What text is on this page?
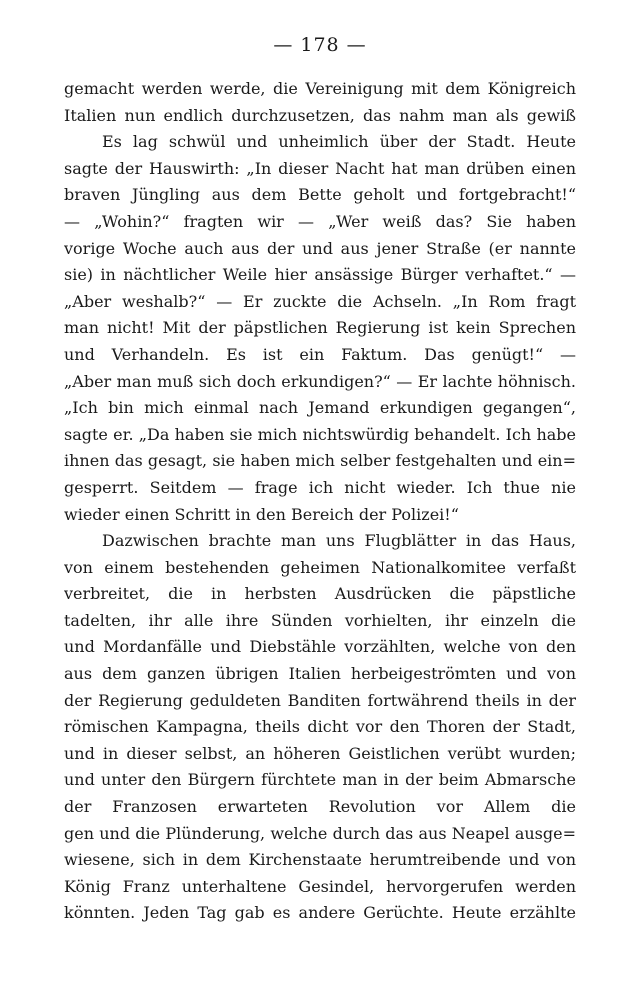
— 178 —
gemacht werden werde, die Vereinigung mit dem Königreich
Italien nun endlich durchzusetzen, das nahm man als gewiß
Es lag schwül und unheimlich über der Stadt. Heute
sagte der Hauswirth: „In dieser Nacht hat man drüben einen
braven Jüngling aus dem Bette geholt und fortgebracht!“
— „Wohin?“ fragten wir — „Wer weiß das? Sie haben
vorige Woche auch aus der und aus jener Straße (er nannte
sie) in nächtlicher Weile hier ansässige Bürger verhaftet.“ —
„Aber weshalb?“ — Er zuckte die Achseln. „In Rom fragt
man nicht! Mit der päpstlichen Regierung ist kein Sprechen
und Verhandeln. Es ist ein Faktum. Das genügt!“ —
„Aber man muß sich doch erkundigen?“ — Er lachte höhnisch.
„Ich bin mich einmal nach Jemand erkundigen gegangen“,
sagte er. „Da haben sie mich nichtswürdig behandelt. Ich habe
ihnen das gesagt, sie haben mich selber festgehalten und ein=
gesperrt. Seitdem — frage ich nicht wieder. Ich thue nie
wieder einen Schritt in den Bereich der Polizei!“
Dazwischen brachte man uns Flugblätter in das Haus,
von einem bestehenden geheimen Nationalkomitee verfaßt
verbreitet, die in herbsten Ausdrücken die päpstliche
tadelten, ihr alle ihre Sünden vorhielten, ihr einzeln die
und Mordanfälle und Diebstähle vorzählten, welche von den
aus dem ganzen übrigen Italien herbeigeströmten und von
der Regierung geduldeten Banditen fortwährend theils in der
römischen Kampagna, theils dicht vor den Thoren der Stadt,
und in dieser selbst, an höheren Geistlichen verübt wurden;
und unter den Bürgern fürchtete man in der beim Abmarsche
der Franzosen erwarteten Revolution vor Allem die
gen und die Plünderung, welche durch das aus Neapel ausge=
wiesene, sich in dem Kirchenstaate herumtreibende und von
König Franz unterhaltene Gesindel, hervorgerufen werden
könnten. Jeden Tag gab es andere Gerüchte. Heute erzählte
